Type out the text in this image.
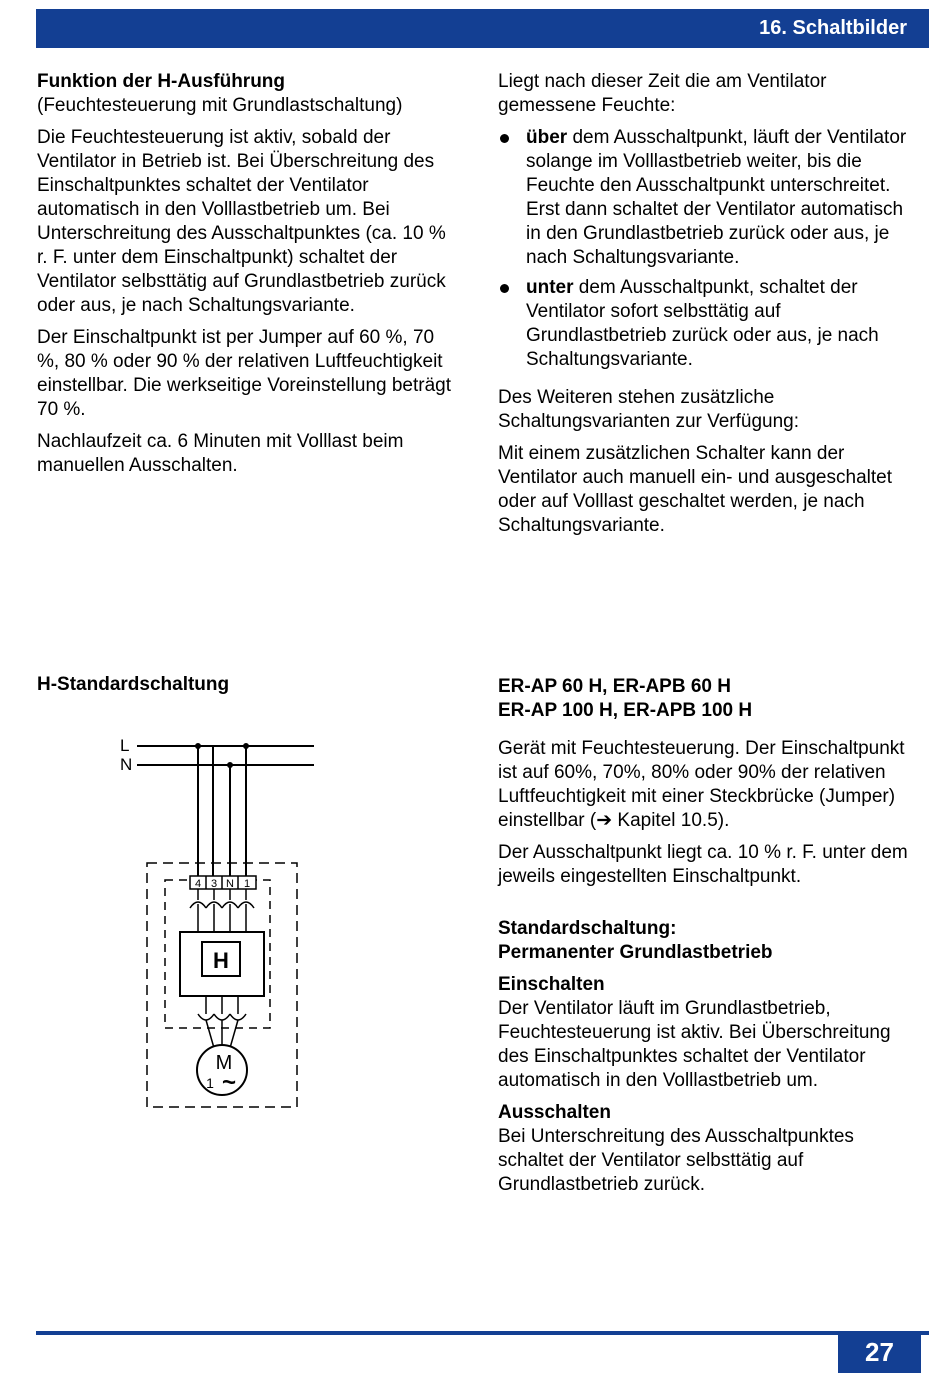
16. Schaltbilder
Funktion der H-Ausführung

(Feuchtesteuerung mit Grundlastschaltung)

Die Feuchtesteuerung ist aktiv, sobald der Ventilator in Betrieb ist. Bei Überschreitung des Einschaltpunktes schaltet der Ventilator automatisch in den Volllastbetrieb um. Bei Unterschreitung des Ausschaltpunktes (ca. 10 % r. F. unter dem Einschaltpunkt) schaltet der Ventilator selbsttätig auf Grundlastbetrieb zurück oder aus, je nach Schaltungsvariante.

Der Einschaltpunkt ist per Jumper auf 60 %, 70 %, 80 % oder 90 % der relativen Luftfeuchtigkeit einstellbar. Die werkseitige Voreinstellung beträgt 70 %.

Nachlaufzeit ca. 6 Minuten mit Volllast beim manuellen Ausschalten.

Liegt nach dieser Zeit die am Ventilator gemessene Feuchte:

über dem Ausschaltpunkt, läuft der Ventilator solange im Volllastbetrieb weiter, bis die Feuchte den Ausschaltpunkt unterschreitet. Erst dann schaltet der Ventilator automatisch in den Grundlastbetrieb zurück oder aus, je nach Schaltungsvariante.
unter dem Ausschaltpunkt, schaltet der Ventilator sofort selbsttätig auf Grundlastbetrieb zurück oder aus, je nach Schaltungsvariante.

Des Weiteren stehen zusätzliche Schaltungsvarianten zur Verfügung:

Mit einem zusätzlichen Schalter kann der Ventilator auch manuell ein- und ausgeschaltet oder auf Volllast geschaltet werden, je nach Schaltungsvariante.

H-Standardschaltung
L
N
4 3 N 1
H
M
1 ~
ER-AP 60 H, ER-APB 60 H

ER-AP 100 H, ER-APB 100 H

Gerät mit Feuchtesteuerung. Der Einschaltpunkt ist auf 60%, 70%, 80% oder 90% der relativen Luftfeuchtigkeit mit einer Steckbrücke (Jumper) einstellbar (➔ Kapitel 10.5).

Der Ausschaltpunkt liegt ca. 10 % r. F. unter dem jeweils eingestellten Einschaltpunkt.

Standardschaltung:

Permanenter Grundlastbetrieb

Einschalten

Der Ventilator läuft im Grundlastbetrieb, Feuchtesteuerung ist aktiv. Bei Überschreitung des Einschaltpunktes schaltet der Ventilator automatisch in den Volllastbetrieb um.

Ausschalten

Bei Unterschreitung des Ausschaltpunktes schaltet der Ventilator selbsttätig auf Grundlastbetrieb zurück.

27
